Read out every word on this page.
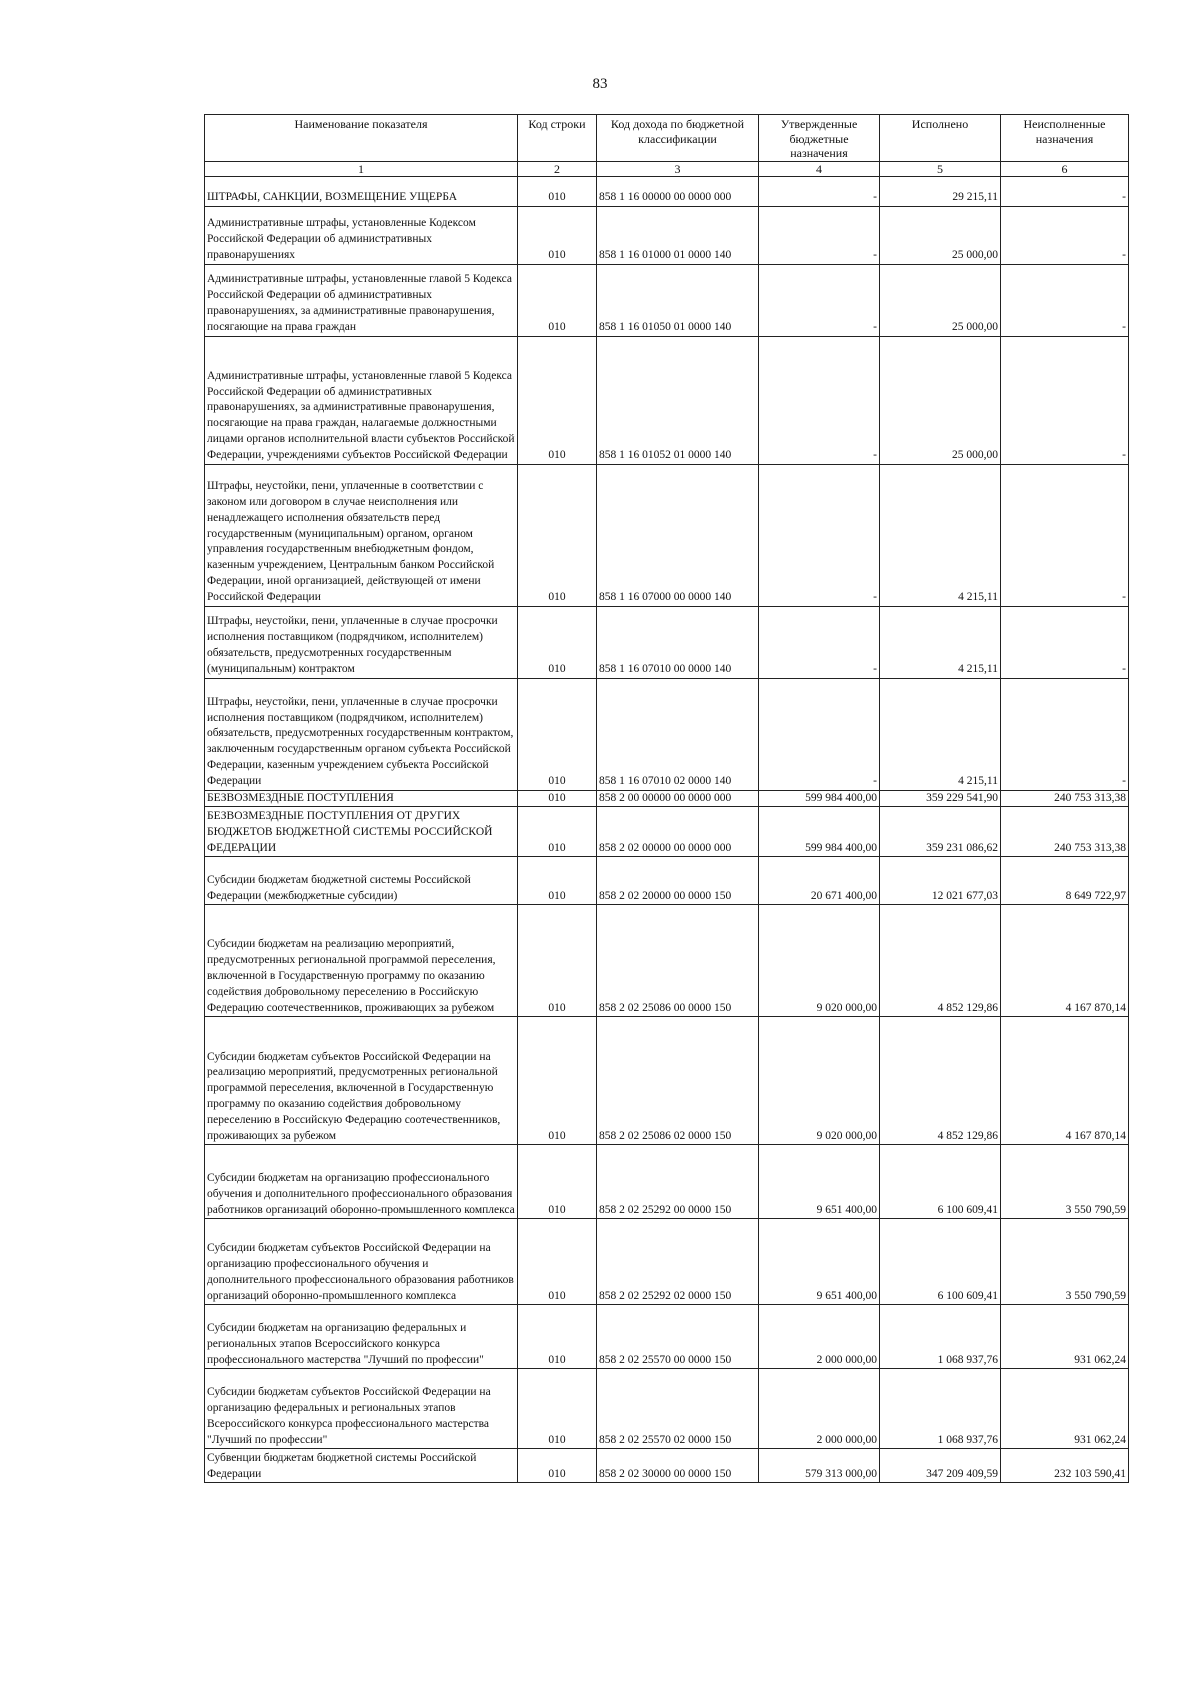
83
Наименование показателя	Код строки	Код дохода по бюджетной классификации	Утвержденные бюджетные назначения	Исполнено	Неисполненные назначения
1	2	3	4	5	6
ШТРАФЫ, САНКЦИИ, ВОЗМЕЩЕНИЕ УЩЕРБА	010	858 1 16 00000 00 0000 000	-	29 215,11	-
Административные штрафы, установленные Кодексом Российской Федерации об административных правонарушениях	010	858 1 16 01000 01 0000 140	-	25 000,00	-
Административные штрафы, установленные главой 5 Кодекса Российской Федерации об административных правонарушениях, за административные правонарушения, посягающие на права граждан	010	858 1 16 01050 01 0000 140	-	25 000,00	-
Административные штрафы, установленные главой 5 Кодекса Российской Федерации об административных правонарушениях, за административные правонарушения, посягающие на права граждан, налагаемые должностными лицами органов исполнительной власти субъектов Российской Федерации, учреждениями субъектов Российской Федерации	010	858 1 16 01052 01 0000 140	-	25 000,00	-
Штрафы, неустойки, пени, уплаченные в соответствии с законом или договором в случае неисполнения или ненадлежащего исполнения обязательств перед государственным (муниципальным) органом, органом управления государственным внебюджетным фондом, казенным учреждением, Центральным банком Российской Федерации, иной организацией, действующей от имени Российской Федерации	010	858 1 16 07000 00 0000 140	-	4 215,11	-
Штрафы, неустойки, пени, уплаченные в случае просрочки исполнения поставщиком (подрядчиком, исполнителем) обязательств, предусмотренных государственным (муниципальным) контрактом	010	858 1 16 07010 00 0000 140	-	4 215,11	-
Штрафы, неустойки, пени, уплаченные в случае просрочки исполнения поставщиком (подрядчиком, исполнителем) обязательств, предусмотренных государственным контрактом, заключенным государственным органом субъекта Российской Федерации, казенным учреждением субъекта Российской Федерации	010	858 1 16 07010 02 0000 140	-	4 215,11	-
БЕЗВОЗМЕЗДНЫЕ ПОСТУПЛЕНИЯ	010	858 2 00 00000 00 0000 000	599 984 400,00	359 229 541,90	240 753 313,38
БЕЗВОЗМЕЗДНЫЕ ПОСТУПЛЕНИЯ ОТ ДРУГИХ БЮДЖЕТОВ БЮДЖЕТНОЙ СИСТЕМЫ РОССИЙСКОЙ ФЕДЕРАЦИИ	010	858 2 02 00000 00 0000 000	599 984 400,00	359 231 086,62	240 753 313,38
Субсидии бюджетам бюджетной системы Российской Федерации (межбюджетные субсидии)	010	858 2 02 20000 00 0000 150	20 671 400,00	12 021 677,03	8 649 722,97
Субсидии бюджетам на реализацию мероприятий, предусмотренных региональной программой переселения, включенной в Государственную программу по оказанию содействия добровольному переселению в Российскую Федерацию соотечественников, проживающих за рубежом	010	858 2 02 25086 00 0000 150	9 020 000,00	4 852 129,86	4 167 870,14
Субсидии бюджетам субъектов Российской Федерации на реализацию мероприятий, предусмотренных региональной программой переселения, включенной в Государственную программу по оказанию содействия добровольному переселению в Российскую Федерацию соотечественников, проживающих за рубежом	010	858 2 02 25086 02 0000 150	9 020 000,00	4 852 129,86	4 167 870,14
Субсидии бюджетам на организацию профессионального обучения и дополнительного профессионального образования работников организаций оборонно-промышленного комплекса	010	858 2 02 25292 00 0000 150	9 651 400,00	6 100 609,41	3 550 790,59
Субсидии бюджетам субъектов Российской Федерации на организацию профессионального обучения и дополнительного профессионального образования работников организаций оборонно-промышленного комплекса	010	858 2 02 25292 02 0000 150	9 651 400,00	6 100 609,41	3 550 790,59
Субсидии бюджетам на организацию федеральных и региональных этапов Всероссийского конкурса профессионального мастерства "Лучший по профессии"	010	858 2 02 25570 00 0000 150	2 000 000,00	1 068 937,76	931 062,24
Субсидии бюджетам субъектов Российской Федерации на организацию федеральных и региональных этапов Всероссийского конкурса профессионального мастерства "Лучший по профессии"	010	858 2 02 25570 02 0000 150	2 000 000,00	1 068 937,76	931 062,24
Субвенции бюджетам бюджетной системы Российской Федерации	010	858 2 02 30000 00 0000 150	579 313 000,00	347 209 409,59	232 103 590,41
